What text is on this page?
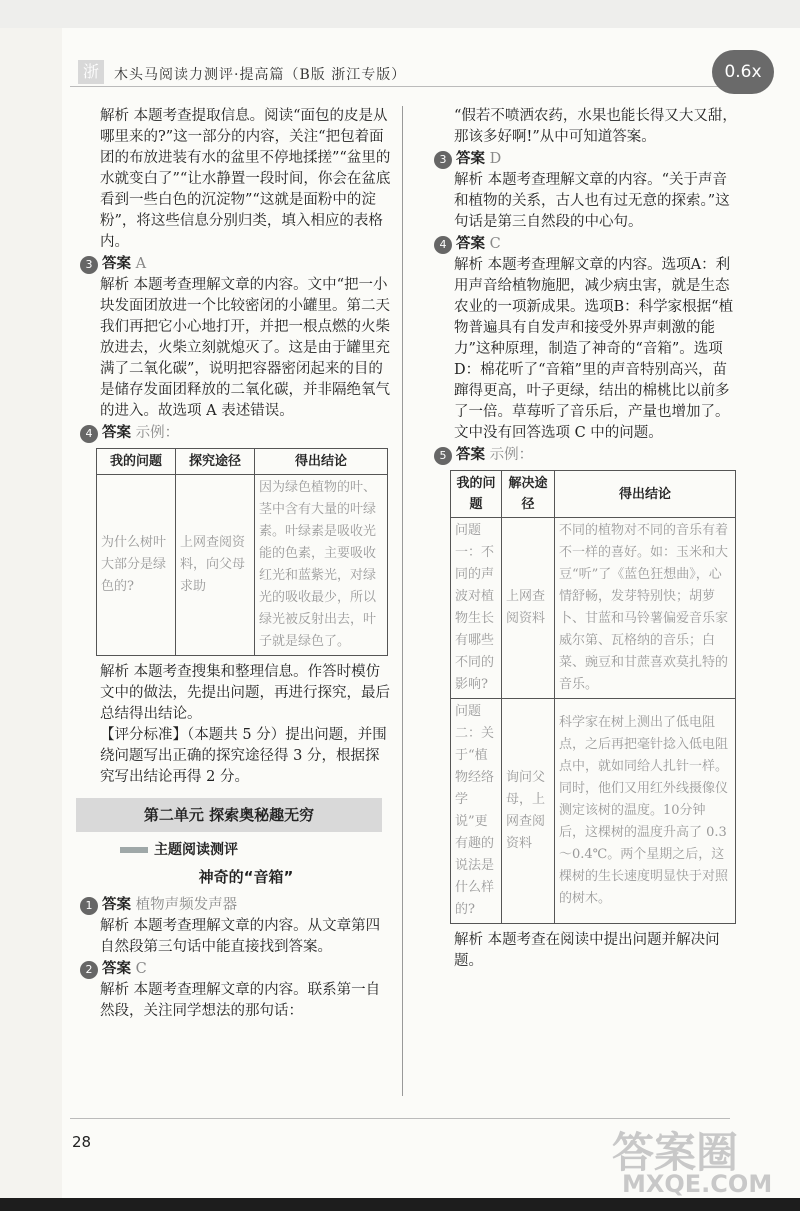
浙	木头马阅读力测评·提高篇（B版 浙江专版）	0.6x

解析 本题考查提取信息。阅读“面包的皮是从哪里来的?”这一部分的内容，关注“把包着面团的布放进装有水的盆里不停地揉搓”“盆里的水就变白了”“让水静置一段时间，你会在盆底看到一些白色的沉淀物”“这就是面粉中的淀粉”，将这些信息分别归类，填入相应的表格内。

3 答案 A

解析 本题考查理解文章的内容。文中“把一小块发面团放进一个比较密闭的小罐里。第二天我们再把它小心地打开，并把一根点燃的火柴放进去，火柴立刻就熄灭了。这是由于罐里充满了二氧化碳”，说明把容器密闭起来的目的是储存发面团释放的二氧化碳，并非隔绝氧气的进入。故选项 A 表述错误。

4 答案 示例：

我的问题	探究途径	得出结论
为什么树叶大部分是绿色的?	上网查阅资料，向父母求助	因为绿色植物的叶、茎中含有大量的叶绿素。叶绿素是吸收光能的色素，主要吸收红光和蓝紫光，对绿光的吸收最少，所以绿光被反射出去，叶子就是绿色了。

解析 本题考查搜集和整理信息。作答时模仿文中的做法，先提出问题，再进行探究，最后总结得出结论。

【评分标准】（本题共 5 分）提出问题，并围绕问题写出正确的探究途径得 3 分，根据探究写出结论再得 2 分。

第二单元 探索奥秘趣无穷
主题阅读测评
神奇的“音箱”

1 答案 植物声频发声器

解析 本题考查理解文章的内容。从文章第四自然段第三句话中能直接找到答案。

2 答案 C

解析 本题考查理解文章的内容。联系第一自然段，关注同学想法的那句话：

“假若不喷洒农药，水果也能长得又大又甜，那该多好啊!”从中可知道答案。

3 答案 D

解析 本题考查理解文章的内容。“关于声音和植物的关系，古人也有过无意的探索。”这句话是第三自然段的中心句。

4 答案 C

解析 本题考查理解文章的内容。选项A：利用声音给植物施肥，减少病虫害，就是生态农业的一项新成果。选项B：科学家根据“植物普遍具有自发声和接受外界声刺激的能力”这种原理，制造了神奇的“音箱”。选项D：棉花听了“音箱”里的声音特别高兴，苗蹿得更高，叶子更绿，结出的棉桃比以前多了一倍。草莓听了音乐后，产量也增加了。文中没有回答选项 C 中的问题。

5 答案 示例：

我的问题	解决途径	得出结论
问题一：不同的声波对植物生长有哪些不同的影响?	上网查阅资料	不同的植物对不同的音乐有着不一样的喜好。如：玉米和大豆“听”了《蓝色狂想曲》，心情舒畅，发芽特别快；胡萝卜、甘蓝和马铃薯偏爱音乐家威尔第、瓦格纳的音乐；白菜、豌豆和甘蔗喜欢莫扎特的音乐。
问题二：关于“植物经络学说”更有趣的说法是什么样的?	询问父母，上网查阅资料	科学家在树上测出了低电阻点，之后再把毫针捻入低电阻点中，就如同给人扎针一样。同时，他们又用红外线摄像仪测定该树的温度。10分钟后，这棵树的温度升高了 0.3～0.4℃。两个星期之后，这棵树的生长速度明显快于对照的树木。

解析 本题考查在阅读中提出问题并解决问题。

28	答案圈
MXQE.COM
